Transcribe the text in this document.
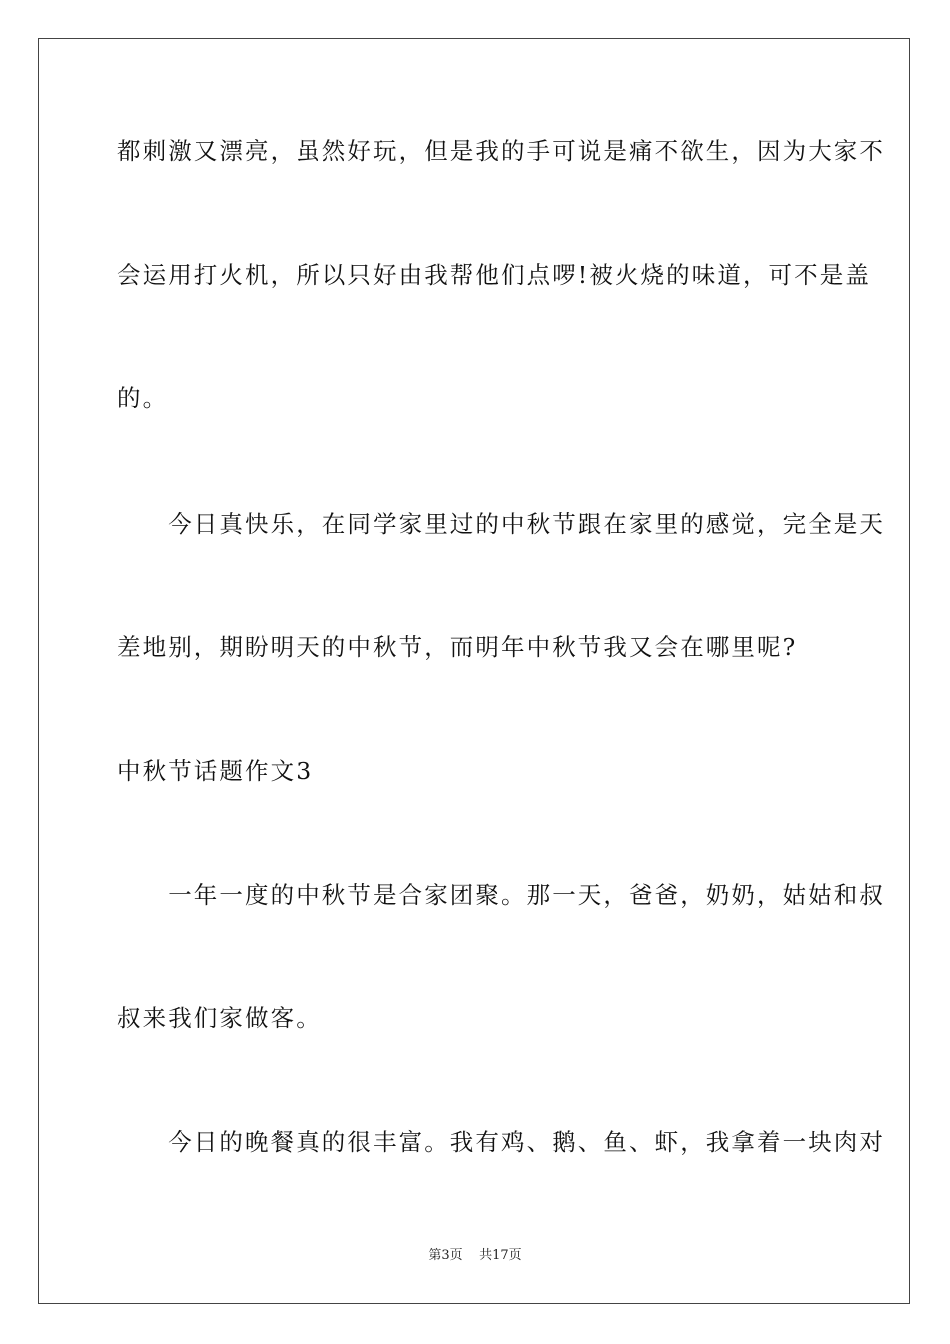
都刺激又漂亮，虽然好玩，但是我的手可说是痛不欲生，因为大家不
会运用打火机，所以只好由我帮他们点啰!被火烧的味道，可不是盖
的。
　　今日真快乐，在同学家里过的中秋节跟在家里的感觉，完全是天
差地别，期盼明天的中秋节，而明年中秋节我又会在哪里呢?
中秋节话题作文3
　　一年一度的中秋节是合家团聚。那一天，爸爸，奶奶，姑姑和叔
叔来我们家做客。
　　今日的晚餐真的很丰富。我有鸡、鹅、鱼、虾，我拿着一块肉对
第3页 共17页
